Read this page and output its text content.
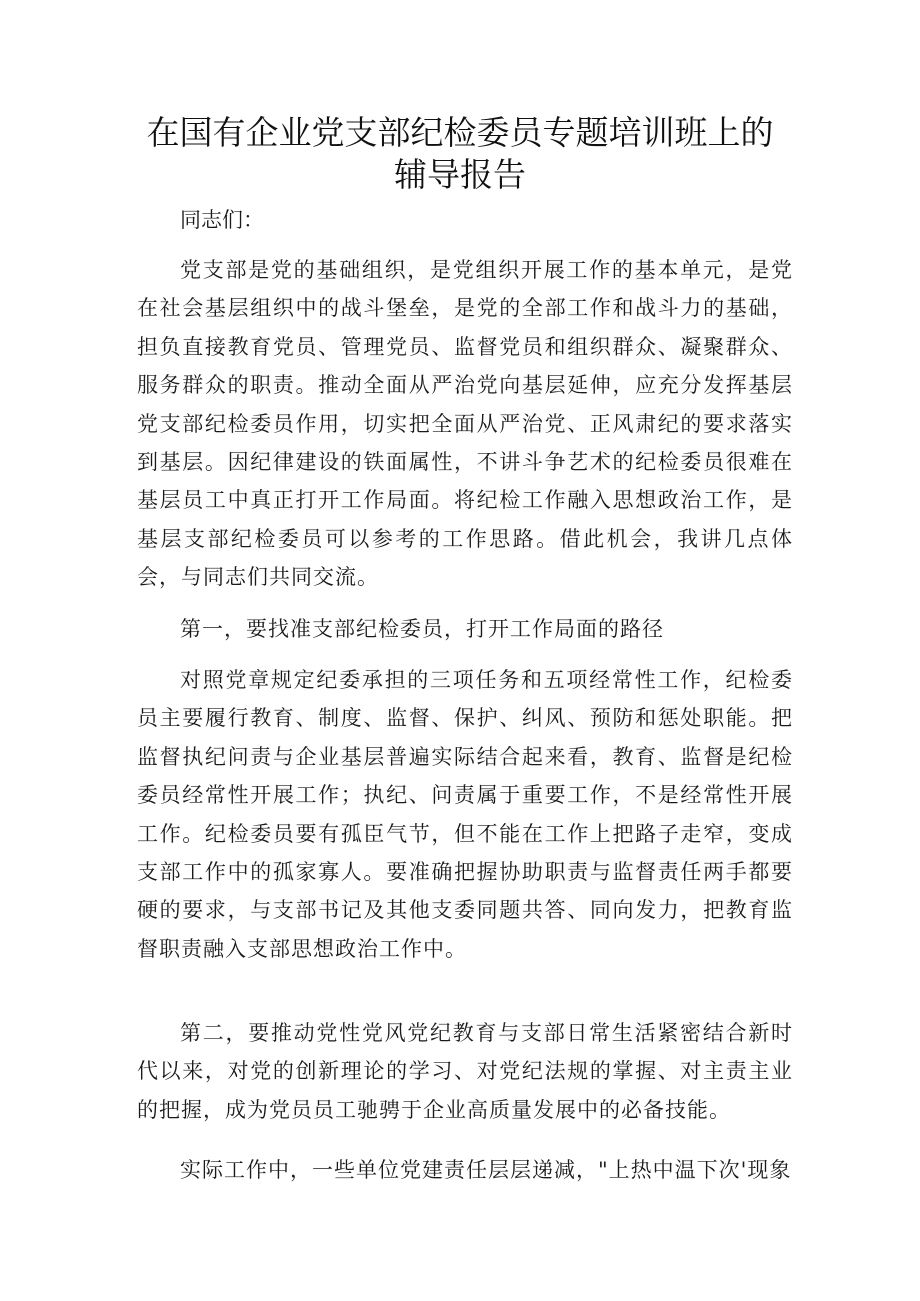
在国有企业党支部纪检委员专题培训班上的
辅导报告

同志们：

党支部是党的基础组织，是党组织开展工作的基本单元，是党在社会基层组织中的战斗堡垒，是党的全部工作和战斗力的基础，担负直接教育党员、管理党员、监督党员和组织群众、凝聚群众、服务群众的职责。推动全面从严治党向基层延伸，应充分发挥基层党支部纪检委员作用，切实把全面从严治党、正风肃纪的要求落实到基层。因纪律建设的铁面属性，不讲斗争艺术的纪检委员很难在基层员工中真正打开工作局面。将纪检工作融入思想政治工作，是基层支部纪检委员可以参考的工作思路。借此机会，我讲几点体会，与同志们共同交流。

第一，要找准支部纪检委员，打开工作局面的路径

对照党章规定纪委承担的三项任务和五项经常性工作，纪检委员主要履行教育、制度、监督、保护、纠风、预防和惩处职能。把监督执纪问责与企业基层普遍实际结合起来看，教育、监督是纪检委员经常性开展工作；执纪、问责属于重要工作，不是经常性开展工作。纪检委员要有孤臣气节，但不能在工作上把路子走窄，变成支部工作中的孤家寡人。要准确把握协助职责与监督责任两手都要硬的要求，与支部书记及其他支委同题共答、同向发力，把教育监督职责融入支部思想政治工作中。

第二，要推动党性党风党纪教育与支部日常生活紧密结合新时代以来，对党的创新理论的学习、对党纪法规的掌握、对主责主业的把握，成为党员员工驰骋于企业高质量发展中的必备技能。

实际工作中，一些单位党建责任层层递减，"上热中温下次'现象
